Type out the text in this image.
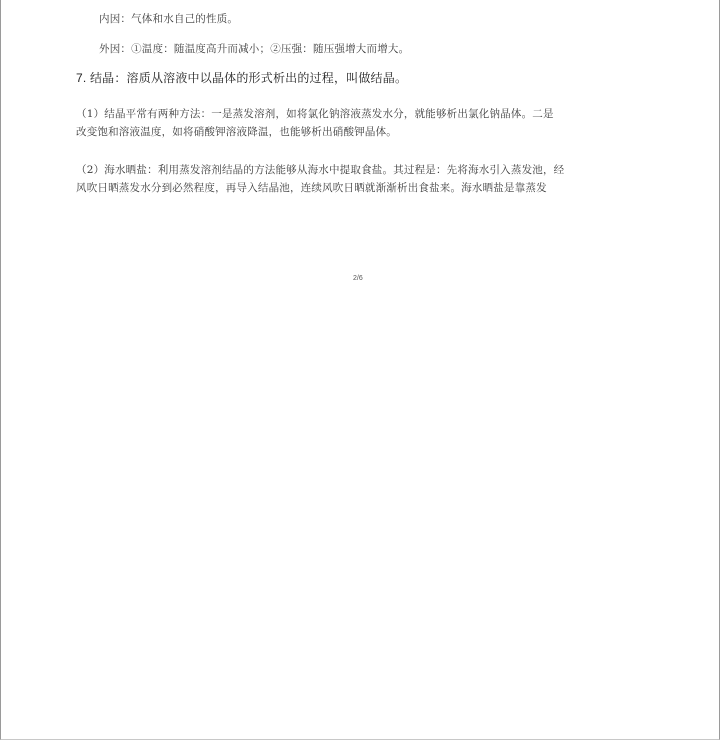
内因：气体和水自己的性质。
外因：①温度：随温度高升而减小；②压强：随压强增大而增大。
7. 结晶：溶质从溶液中以晶体的形式析出的过程，叫做结晶。
（1）结晶平常有两种方法：一是蒸发溶剂，如将氯化钠溶液蒸发水分，就能够析出氯化钠晶体。二是
改变饱和溶液温度，如将硝酸钾溶液降温，也能够析出硝酸钾晶体。
（2）海水晒盐：利用蒸发溶剂结晶的方法能够从海水中提取食盐。其过程是：先将海水引入蒸发池，经
风吹日晒蒸发水分到必然程度，再导入结晶池，连续风吹日晒就渐渐析出食盐来。海水晒盐是靠蒸发
2/6
